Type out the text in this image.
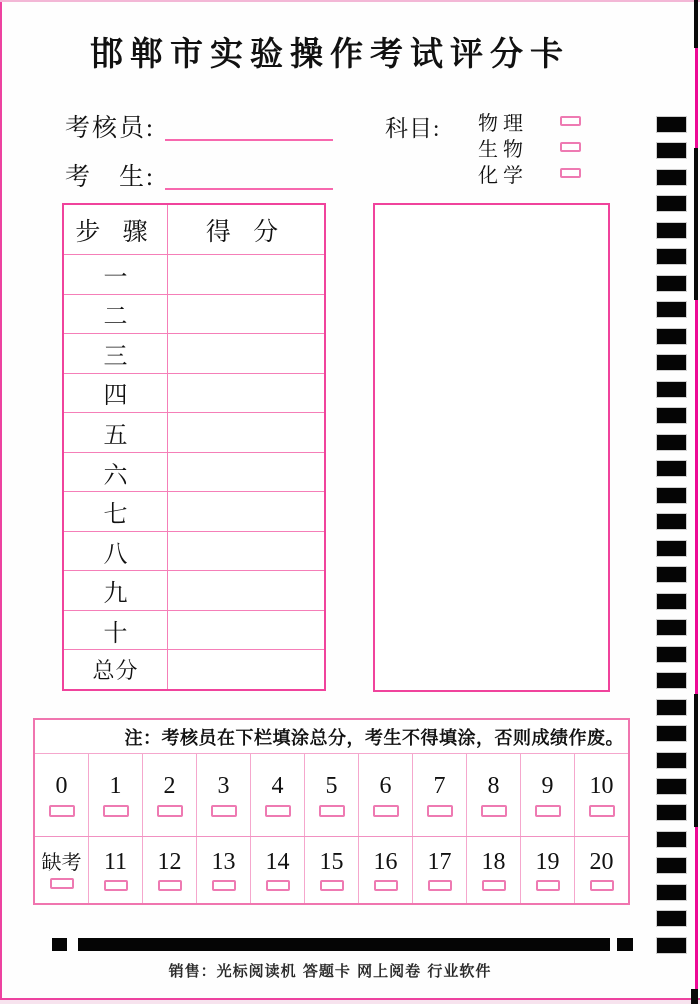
邯郸市实验操作考试评分卡
考核员:
考　生:
科目: 物 理
生 物
化 学
步 骤	得 分
一
二
三
四
五
六
七
八
九
十
总分
注：考核员在下栏填涂总分，考生不得填涂，否则成绩作废。
0 1 2 3 4 5 6 7 8 9 10
缺考 11 12 13 14 15 16 17 18 19 20
销售：光标阅读机 答题卡 网上阅卷 行业软件
